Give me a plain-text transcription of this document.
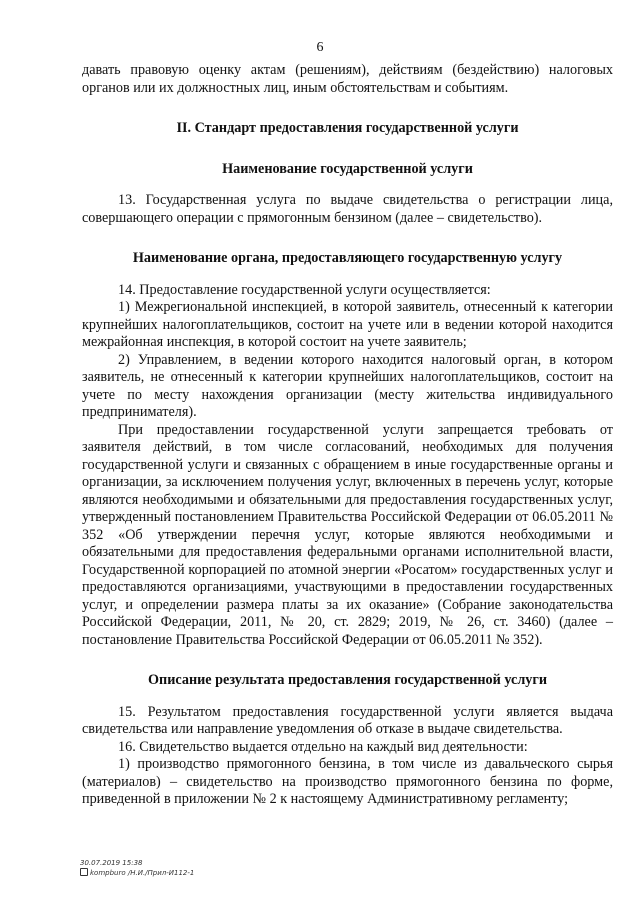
6

давать правовую оценку актам (решениям), действиям (бездействию) налоговых органов или их должностных лиц, иным обстоятельствам и событиям.

II. Стандарт предоставления государственной услуги
Наименование государственной услуги

13. Государственная услуга по выдаче свидетельства о регистрации лица, совершающего операции с прямогонным бензином (далее – свидетельство).

Наименование органа, предоставляющего государственную услугу

14. Предоставление государственной услуги осуществляется:

1) Межрегиональной инспекцией, в которой заявитель, отнесенный к категории крупнейших налогоплательщиков, состоит на учете или в ведении которой находится межрайонная инспекция, в которой состоит на учете заявитель;

2) Управлением, в ведении которого находится налоговый орган, в котором заявитель, не отнесенный к категории крупнейших налогоплательщиков, состоит на учете по месту нахождения организации (месту жительства индивидуального предпринимателя).

При предоставлении государственной услуги запрещается требовать от заявителя действий, в том числе согласований, необходимых для получения государственной услуги и связанных с обращением в иные государственные органы и организации, за исключением получения услуг, включенных в перечень услуг, которые являются необходимыми и обязательными для предоставления государственных услуг, утвержденный постановлением Правительства Российской Федерации от 06.05.2011 № 352 «Об утверждении перечня услуг, которые являются необходимыми и обязательными для предоставления федеральными органами исполнительной власти, Государственной корпорацией по атомной энергии «Росатом» государственных услуг и предоставляются организациями, участвующими в предоставлении государственных услуг, и определении размера платы за их оказание» (Собрание законодательства Российской Федерации, 2011, № 20, ст. 2829; 2019, № 26, ст. 3460) (далее – постановление Правительства Российской Федерации от 06.05.2011 № 352).

Описание результата предоставления государственной услуги

15. Результатом предоставления государственной услуги является выдача свидетельства или направление уведомления об отказе в выдаче свидетельства.

16. Свидетельство выдается отдельно на каждый вид деятельности:

1) производство прямогонного бензина, в том числе из давальческого сырья (материалов) – свидетельство на производство прямогонного бензина по форме, приведенной в приложении № 2 к настоящему Административному регламенту;

30.07.2019 15:38
kompburo /Н.И./Прил-И112-1
